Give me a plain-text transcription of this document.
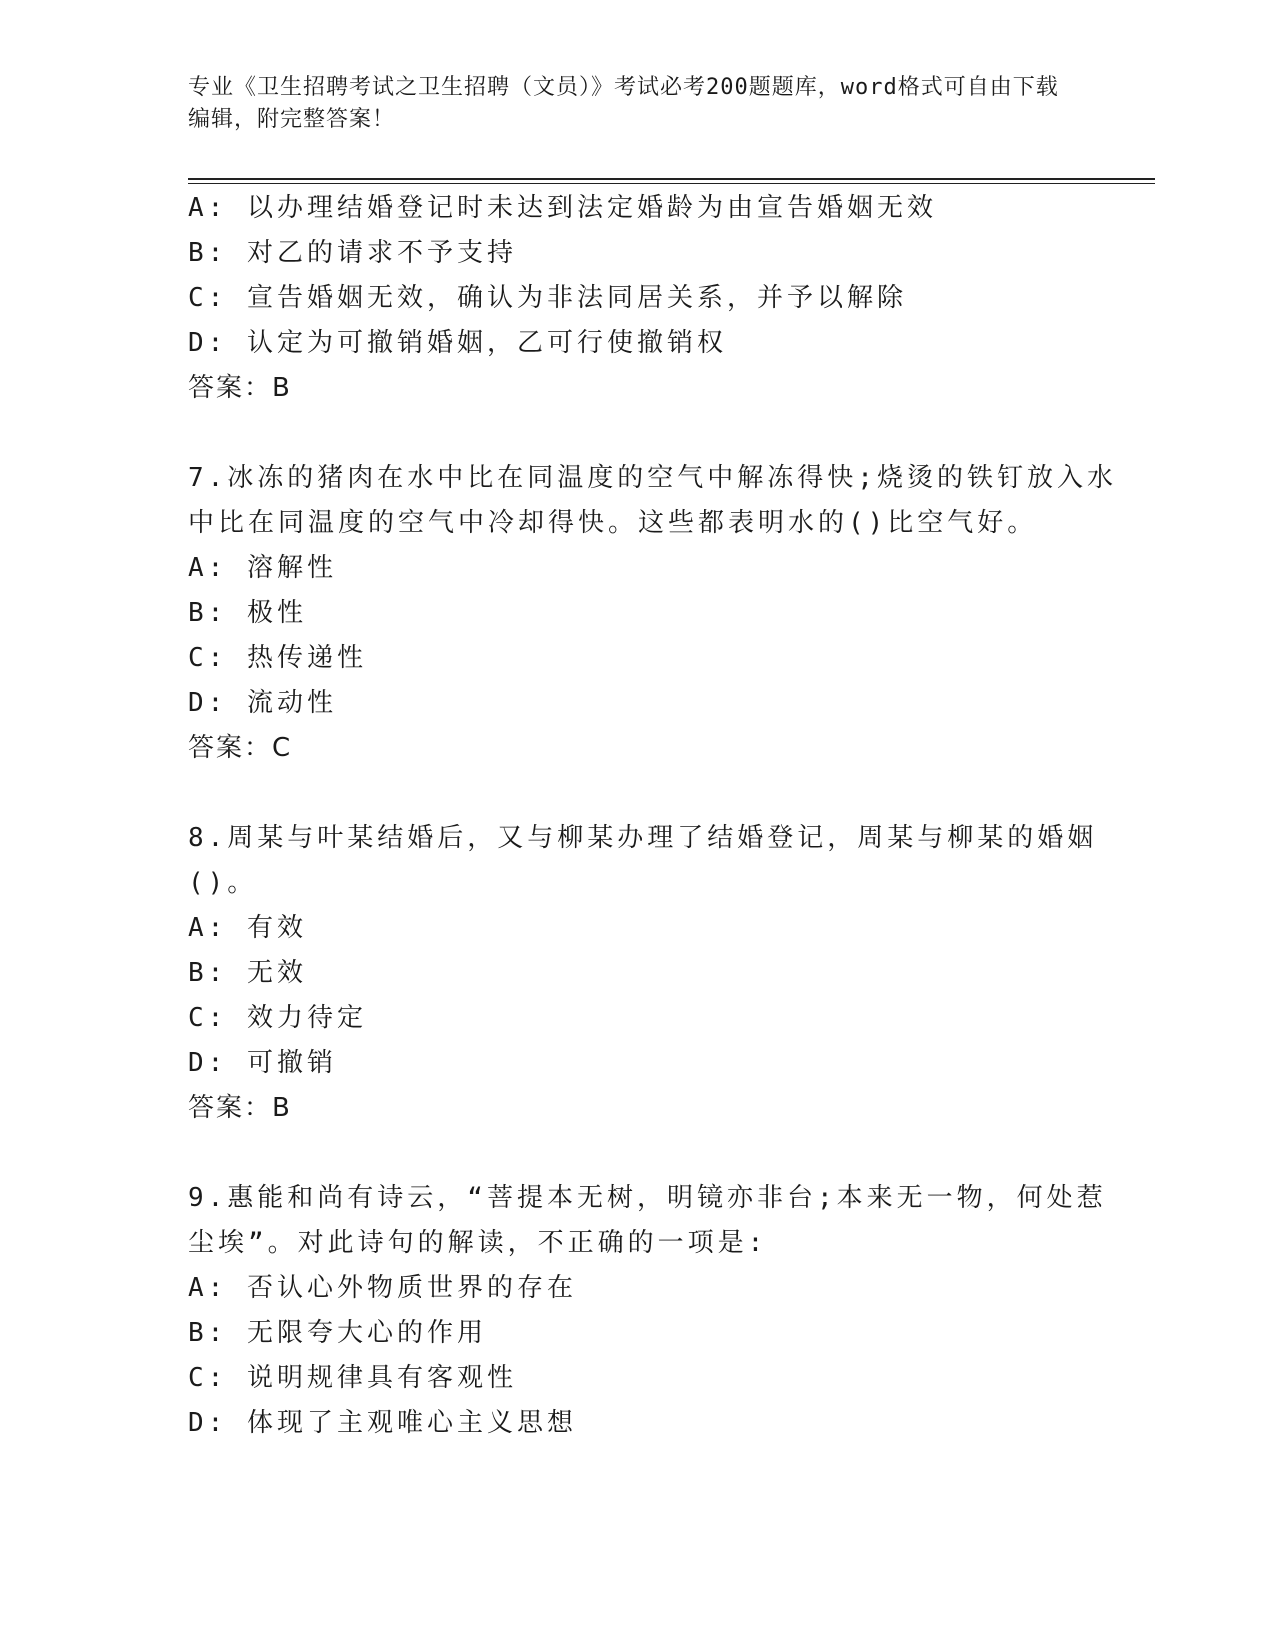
专业《卫生招聘考试之卫生招聘（文员）》考试必考200题题库，word格式可自由下载编辑，附完整答案！
A: 以办理结婚登记时未达到法定婚龄为由宣告婚姻无效
B: 对乙的请求不予支持
C: 宣告婚姻无效，确认为非法同居关系，并予以解除
D: 认定为可撤销婚姻，乙可行使撤销权
答案：B
7.冰冻的猪肉在水中比在同温度的空气中解冻得快;烧烫的铁钉放入水
中比在同温度的空气中冷却得快。这些都表明水的()比空气好。
A: 溶解性
B: 极性
C: 热传递性
D: 流动性
答案：C
8.周某与叶某结婚后，又与柳某办理了结婚登记，周某与柳某的婚姻
()。
A: 有效
B: 无效
C: 效力待定
D: 可撤销
答案：B
9.惠能和尚有诗云，“菩提本无树，明镜亦非台;本来无一物，何处惹
尘埃”。对此诗句的解读，不正确的一项是:
A: 否认心外物质世界的存在
B: 无限夸大心的作用
C: 说明规律具有客观性
D: 体现了主观唯心主义思想
